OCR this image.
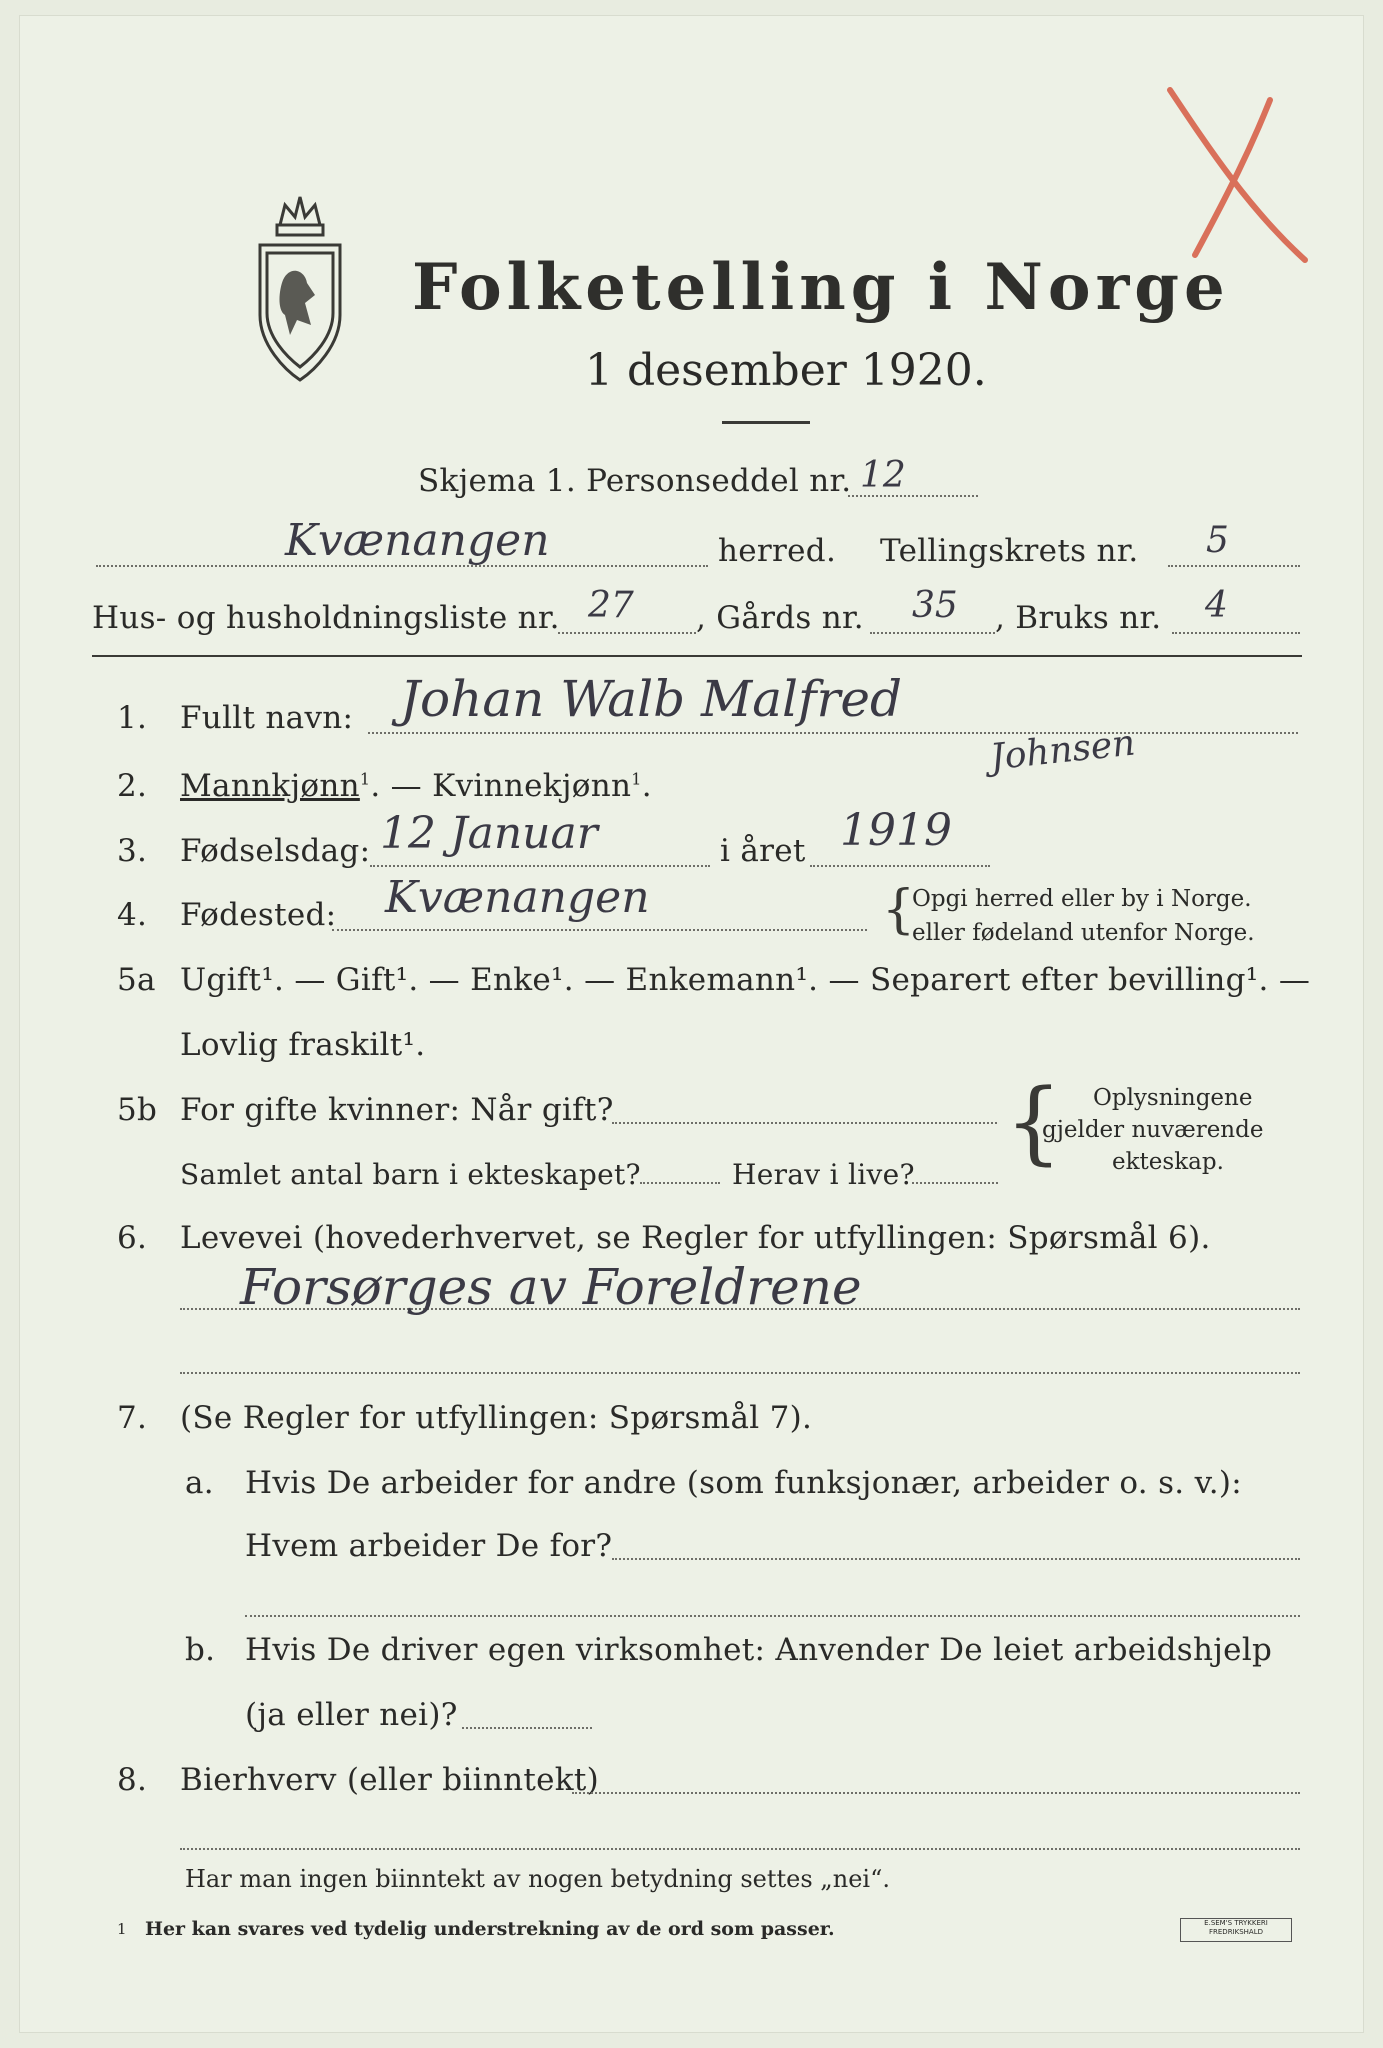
Folketelling i Norge
1 desember 1920.
Skjema 1. Personseddel nr. 12
Kvænangen	herred. Tellingskrets nr. 5
Hus- og husholdningsliste nr. 27 , Gårds nr. 35 , Bruks nr. 4
1. Fullt navn: Johan Walb Malfred
Johnsen
2. Mannkjønn$^1$. — Kvinnekjønn$^1$.
3. Fødselsdag: 12 Januar	i året 1919
4. Fødested: Kvænangen	{
Opgi herred eller by i Norge.
eller fødeland utenfor Norge.
5a Ugift¹. — Gift¹. — Enke¹. — Enkemann¹. — Separert efter bevilling¹. —
Lovlig fraskilt¹.
5b For gifte kvinner: Når gift?
Samlet antal barn i ekteskapet?	Herav i live? { Oplysningene
gjelder nuværende
ekteskap.
6. Levevei (hovederhvervet, se Regler for utfyllingen: Spørsmål 6).
Forsørges av Foreldrene
7. (Se Regler for utfyllingen: Spørsmål 7).
a. Hvis De arbeider for andre (som funksjonær, arbeider o. s. v.):
Hvem arbeider De for?
b. Hvis De driver egen virksomhet: Anvender De leiet arbeidshjelp
(ja eller nei)?
8. Bierhverv (eller biinntekt)
Har man ingen biinntekt av nogen betydning settes „nei“.
1 Her kan svares ved tydelig understrekning av de ord som passer.	E.SEM'S TRYKKERI FREDRIKSHALD
